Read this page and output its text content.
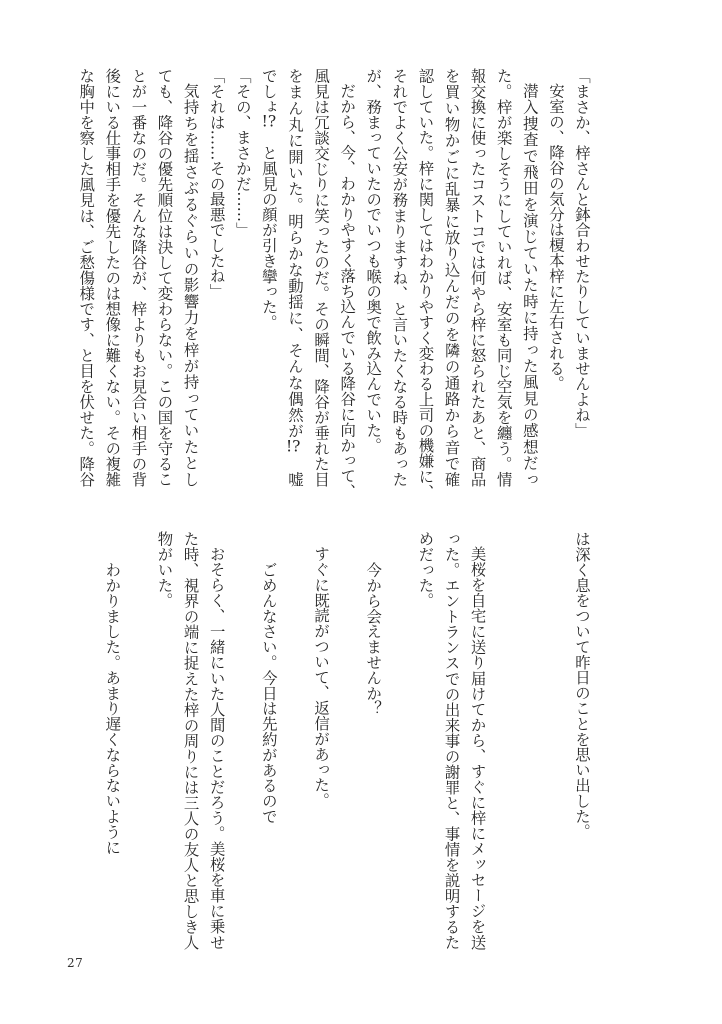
「まさか、梓さんと鉢合わせたりしていませんよね」
安室の、降谷の気分は榎本梓に左右される。
潜入捜査で飛田を演じていた時に持った風見の感想だっ
た。梓が楽しそうにしていれば、安室も同じ空気を纏う。情
報交換に使ったコストコでは何やら梓に怒られたあと、商品
を買い物かごに乱暴に放り込んだのを隣の通路から音で確
認していた。梓に関してはわかりやすく変わる上司の機嫌に、
それでよく公安が務まりますね、と言いたくなる時もあった
が、務まっていたのでいつも喉の奥で飲み込んでいた。
だから、今、わかりやすく落ち込んでいる降谷に向かって、
風見は冗談交じりに笑ったのだ。その瞬間、降谷が垂れた目
をまん丸に開いた。明らかな動揺に、そんな偶然が!?　嘘
でしょ!?　と風見の顔が引き攣った。
「その、まさかだ……」
「それは……その最悪でしたね」
気持ちを揺さぶるぐらいの影響力を梓が持っていたとし
ても、降谷の優先順位は決して変わらない。この国を守るこ
とが一番なのだ。そんな降谷が、梓よりもお見合い相手の背
後にいる仕事相手を優先したのは想像に難くない。その複雑
な胸中を察した風見は、ご愁傷様です、と目を伏せた。降谷
は深く息をついて昨日のことを思い出した。
美桜を自宅に送り届けてから、すぐに梓にメッセージを送
った。エントランスでの出来事の謝罪と、事情を説明するた
めだった。
今から会えませんか？
すぐに既読がついて、返信があった。
ごめんなさい。今日は先約があるので
おそらく、一緒にいた人間のことだろう。美桜を車に乗せ
た時、視界の端に捉えた梓の周りには三人の友人と思しき人
物がいた。
わかりました。あまり遅くならないように
27
